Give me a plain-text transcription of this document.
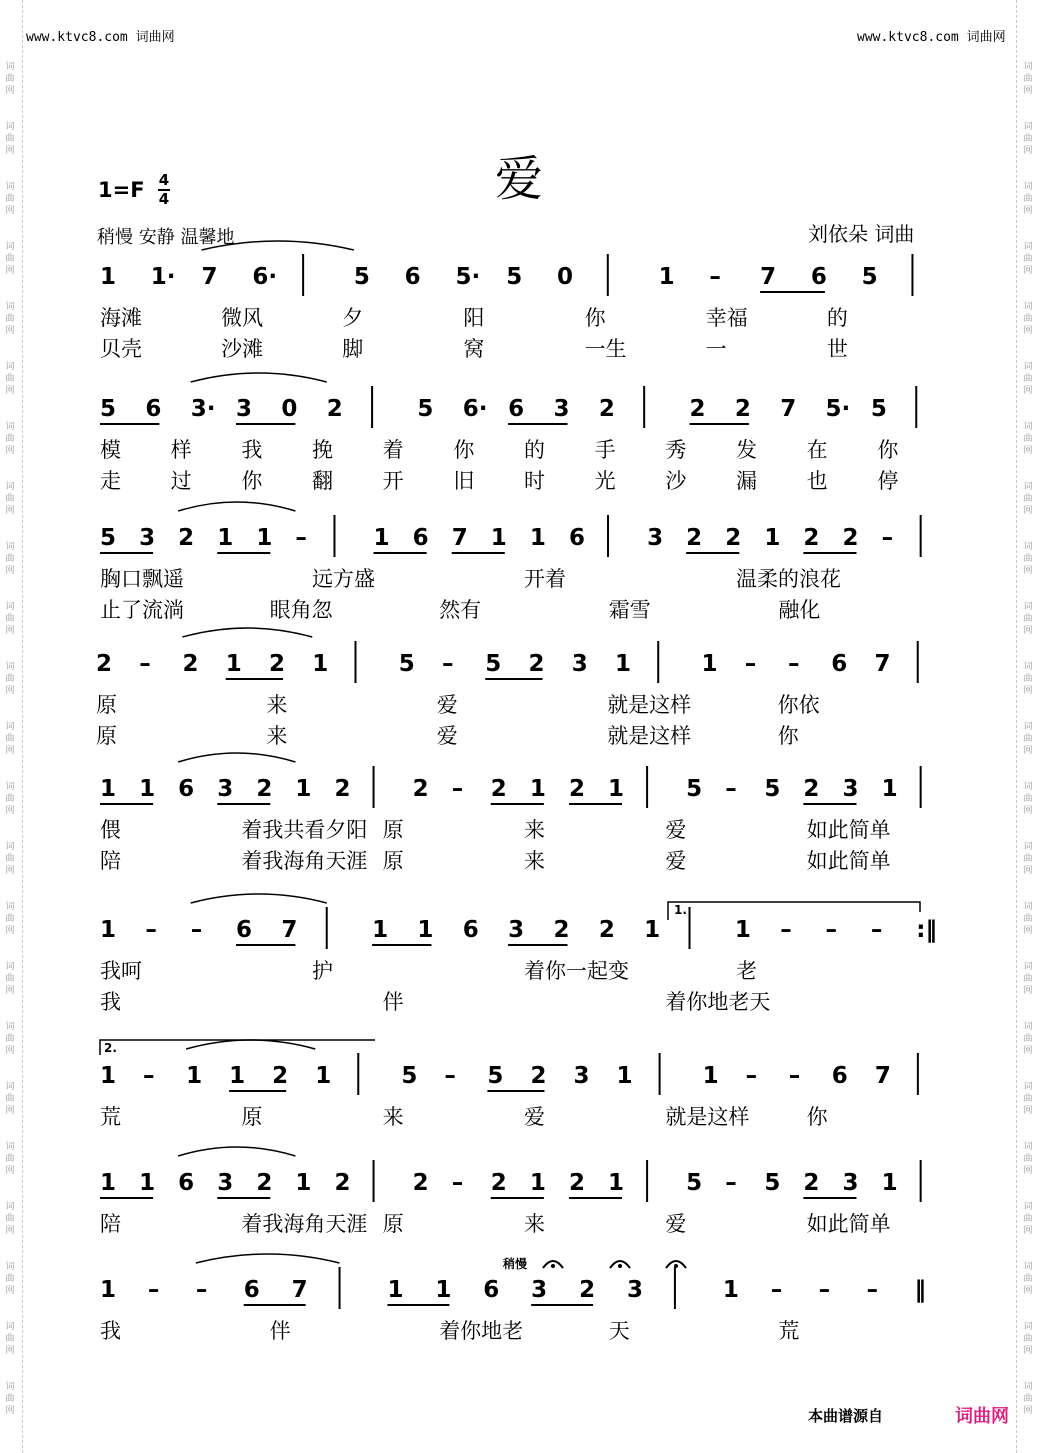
www.ktvc8.com 词曲网	www.ktvc8.com 词曲网
词
曲
网
词
曲
网
词
曲
网
词
曲
网
词
曲
网
词
曲
网
词
曲
网
词
曲
网
词
曲
网
词
曲
网
词
曲
网
词
曲
网
词
曲
网
词
曲
网
词
曲
网
词
曲
网
词
曲
网
词
曲
网
词
曲
网
词
曲
网
词
曲
网
词
曲
网
词
曲
网
词
曲
网
词
曲
网
词
曲
网
词
曲
网
词
曲
网
词
曲
网
词
曲
网
词
曲
网
词
曲
网
词
曲
网
词
曲
网
词
曲
网
词
曲
网
词
曲
网
词
曲
网
词
曲
网
词
曲
网
词
曲
网
词
曲
网
词
曲
网
词
曲
网
词
曲
网
词
曲
网
爱
1=F 4
4
稍慢 安静 温馨地	刘依朵 词曲
1 1· 7 6·	5 6 5· 5 0	1 – 7 6 5
海滩	微风	夕	阳	你	幸福	的
贝壳	沙滩	脚	窝	一生	一	世
5 6 3· 3 0 2	5 6· 6 3 2	2 2 7 5· 5
模 样 我 挽 着 你 的 手 秀 发 在 你
走 过 你 翻 开 旧 时 光 沙 漏 也 停
5 3 2 1 1 –	1 6 7 1 1 6	3 2 2 1 2 2 –
胸口飘遥	远方盛	开着	温柔的浪花
止了流淌	眼角忽	然有	霜雪	融化
2 – 2 1 2 1	5 – 5 2 3 1	1 – – 6 7
原	来	爱	就是这样	你依
原	来	爱	就是这样	你
1 1 6 3 2 1 2	2 – 2 1 2 1	5 – 5 2 3 1
偎	着我共看夕阳 原	来	爱	如此简单
陪	着我海角天涯 原	来	爱	如此简单
1 – – 6 7	1 1 6 3 2 2 1	1 – – – :‖
我呵	护	着你一起变	老
我	伴	着你地老天
1 – 1 1 2 1	5 – 5 2 3 1	1 – – 6 7
荒	原	来	爱	就是这样	你
1 1 6 3 2 1 2	2 – 2 1 2 1	5 – 5 2 3 1
陪	着我海角天涯 原	来	爱	如此简单
1 – – 6 7	1 1 6 3 2 3	1 – – – ‖
我	伴	着你地老	天	荒
1.
2.
稍慢
本曲谱源自	词曲网
